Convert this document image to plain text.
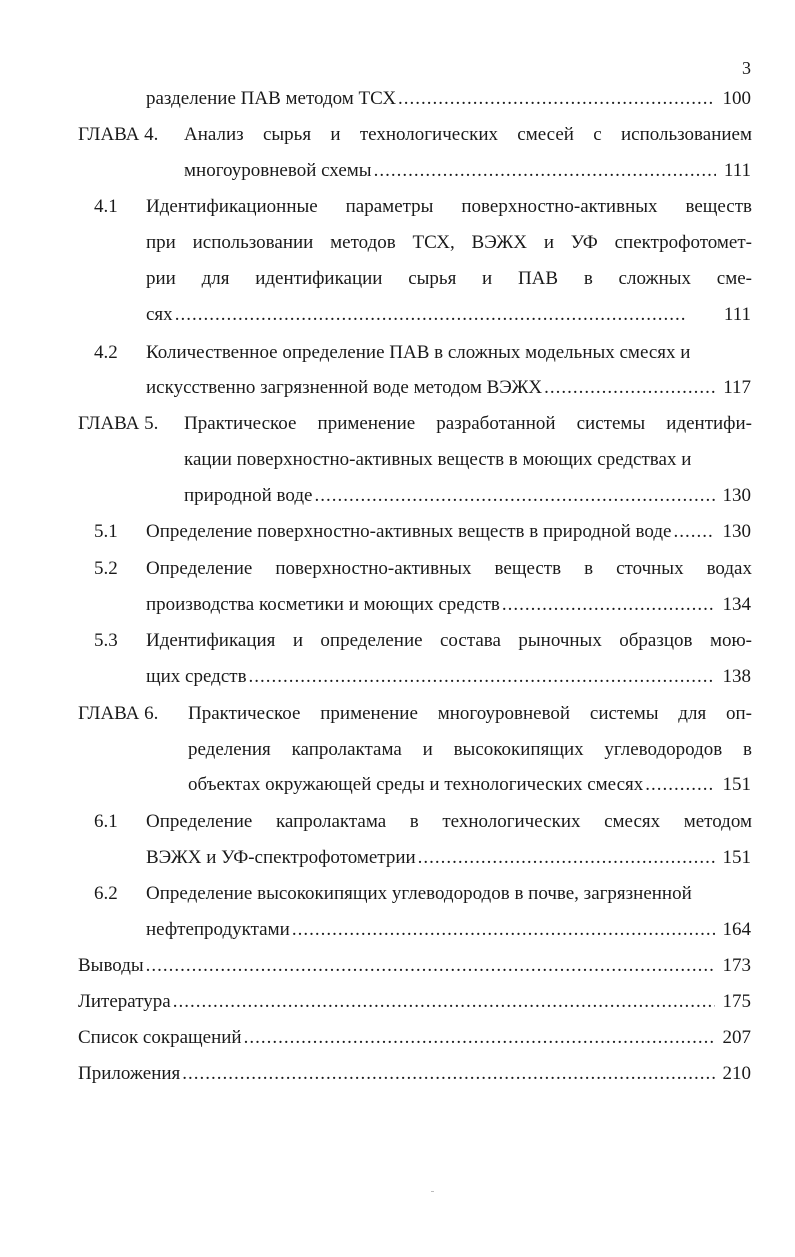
3
разделение ПАВ методом ТСХ .....	100
ГЛАВА 4. Анализ сырья и технологических смесей с использованием
многоуровневой схемы .....	111
4.1 Идентификационные параметры поверхностно-активных веществ
при использовании методов ТСХ, ВЭЖХ и УФ спектрофотомет-
рии для идентификации сырья и ПАВ в сложных сме-
сях .....	111
4.2 Количественное определение ПАВ в сложных модельных смесях и
искусственно загрязненной воде методом ВЭЖХ .....	117
ГЛАВА 5. Практическое применение разработанной системы идентифи-
кации поверхностно-активных веществ в моющих средствах и
природной воде .....	130
5.1 Определение поверхностно-активных веществ в природной воде .....	130
5.2 Определение поверхностно-активных веществ в сточных водах
производства косметики и моющих средств .....	134
5.3 Идентификация и определение состава рыночных образцов мою-
щих средств .....	138
ГЛАВА 6. Практическое применение многоуровневой системы для оп-
ределения капролактама и высококипящих углеводородов в
объектах окружающей среды и технологических смесях .....	151
6.1 Определение капролактама в технологических смесях методом
ВЭЖХ и УФ-спектрофотометрии .....	151
6.2 Определение высококипящих углеводородов в почве, загрязненной
нефтепродуктами .....	164
Выводы .....	173
Литература .....	175
Список сокращений .....	207
Приложения .....	210
